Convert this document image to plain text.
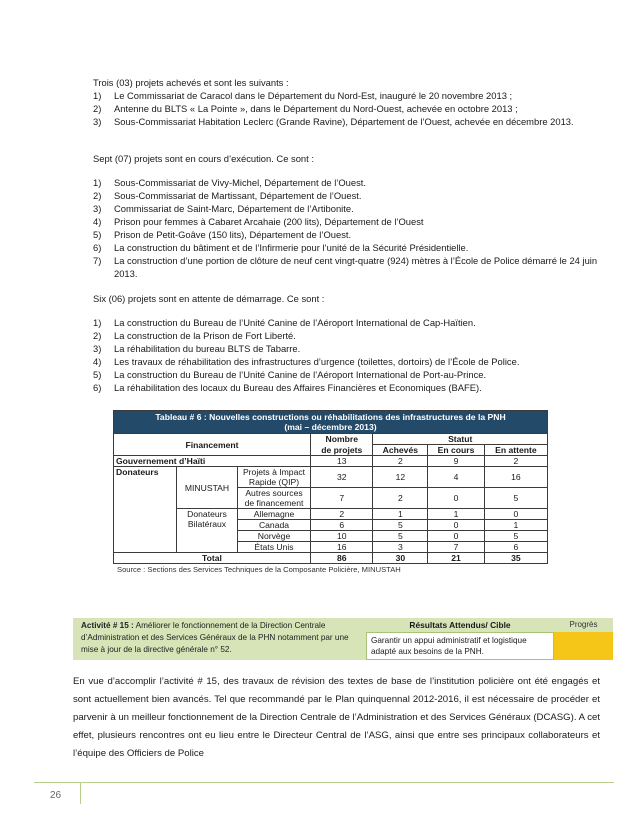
Trois (03) projets achevés et sont les suivants :
1) Le Commissariat de Caracol dans le Département du Nord-Est, inauguré le 20 novembre 2013 ;
2) Antenne du BLTS « La Pointe », dans le Département du Nord-Ouest, achevée en octobre 2013 ;
3) Sous-Commissariat Habitation Leclerc (Grande Ravine), Département de l’Ouest, achevée en décembre 2013.
Sept (07) projets sont en cours d’exécution. Ce sont :
1) Sous-Commissariat de Vivy-Michel, Département de l’Ouest.
2) Sous-Commissariat de Martissant, Département de l’Ouest.
3) Commissariat de Saint-Marc, Département de l’Artibonite.
4) Prison pour femmes à Cabaret Arcahaie (200 lits), Département de l’Ouest
5) Prison de Petit-Goâve (150 lits), Département de l’Ouest.
6) La construction du bâtiment et de l’Infirmerie pour l’unité de la Sécurité Présidentielle.
7) La construction d’une portion de clôture de neuf cent vingt-quatre (924) mètres à l’École de Police démarré le 24 juin 2013.
Six (06) projets sont en attente de démarrage. Ce sont :
1) La construction du Bureau de l’Unité Canine de l’Aéroport International de Cap-Haïtien.
2) La construction de la Prison de Fort Liberté.
3) La réhabilitation du bureau BLTS de Tabarre.
4) Les travaux de réhabilitation des infrastructures d’urgence (toilettes, dortoirs) de l’École de Police.
5) La construction du Bureau de l’Unité Canine de l’Aéroport International de Port-au-Prince.
6) La réhabilitation des locaux du Bureau des Affaires Financières et Economiques (BAFE).
Tableau # 6 : Nouvelles constructions ou réhabilitations des infrastructures de la PNH
(mai – décembre 2013)						

Financement			Nombre	Statut		
			de projets	Achevés	En cours	En attente
Gouvernement d’Haïti			13	2	9	2
Donateurs	MINUSTAH	Projets à Impact Rapide (QIP)	32	12	4	16
		Autres sources de financement	7	2	0	5
	Donateurs Bilatéraux	Allemagne	2	1	1	0
		Canada	6	5	0	1
		Norvège	10	5	0	5
		États Unis	16	3	7	6
Total			86	30	21	35
Source : Sections des Services Techniques de la Composante Policière, MINUSTAH
Activité # 15 : Améliorer le fonctionnement de la Direction Centrale d’Administration et des Services Généraux de la PHN notamment par une mise à jour de la directive générale n° 52.
Résultats Attendus/ Cible	Progrès
Garantir un appui administratif et logistique adapté aux besoins de la PNH.
En vue d’accomplir l’activité # 15, des travaux de révision des textes de base de l’institution policière ont été engagés et sont actuellement bien avancés. Tel que recommandé par le Plan quinquennal 2012-2016, il est nécessaire de procéder et parvenir à un meilleur fonctionnement de la Direction Centrale de l’Administration et des Services Généraux (DCASG). A cet effet, plusieurs rencontres ont eu lieu entre le Directeur Central de l’ASG, ainsi que entre ses principaux collaborateurs et l’équipe des Officiers de Police
26
